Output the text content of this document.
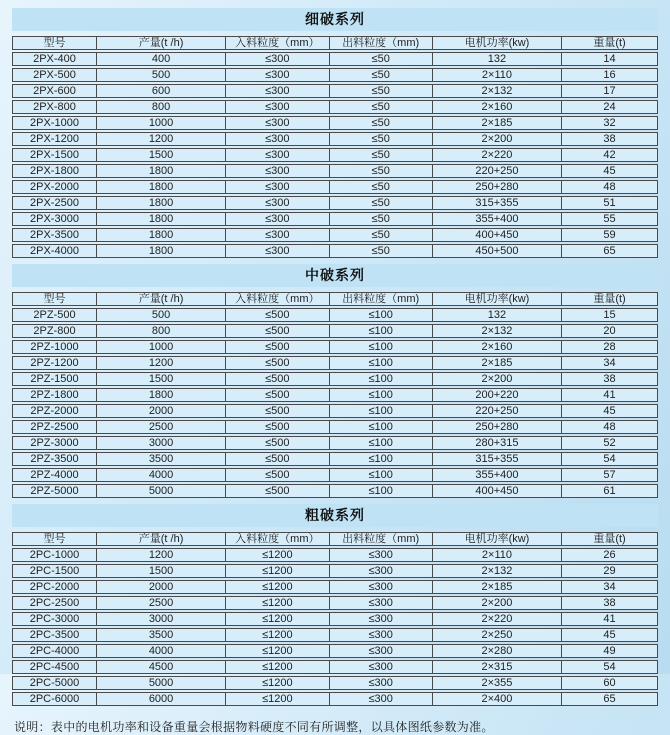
细破系列
型号	产量(t /h)	入料粒度（mm）	出料粒度（mm)	电机功率(kw)	重量(t)
2PX-400	400	≤300	≤50	132	14
2PX-500	500	≤300	≤50	2×110	16
2PX-600	600	≤300	≤50	2×132	17
2PX-800	800	≤300	≤50	2×160	24
2PX-1000	1000	≤300	≤50	2×185	32
2PX-1200	1200	≤300	≤50	2×200	38
2PX-1500	1500	≤300	≤50	2×220	42
2PX-1800	1800	≤300	≤50	220+250	45
2PX-2000	1800	≤300	≤50	250+280	48
2PX-2500	1800	≤300	≤50	315+355	51
2PX-3000	1800	≤300	≤50	355+400	55
2PX-3500	1800	≤300	≤50	400+450	59
2PX-4000	1800	≤300	≤50	450+500	65
中破系列
型号	产量(t /h)	入料粒度（mm）	出料粒度（mm)	电机功率(kw)	重量(t)
2PZ-500	500	≤500	≤100	132	15
2PZ-800	800	≤500	≤100	2×132	20
2PZ-1000	1000	≤500	≤100	2×160	28
2PZ-1200	1200	≤500	≤100	2×185	34
2PZ-1500	1500	≤500	≤100	2×200	38
2PZ-1800	1800	≤500	≤100	200+220	41
2PZ-2000	2000	≤500	≤100	220+250	45
2PZ-2500	2500	≤500	≤100	250+280	48
2PZ-3000	3000	≤500	≤100	280+315	52
2PZ-3500	3500	≤500	≤100	315+355	54
2PZ-4000	4000	≤500	≤100	355+400	57
2PZ-5000	5000	≤500	≤100	400+450	61
粗破系列
型号	产量(t /h)	入料粒度（mm）	出料粒度（mm)	电机功率(kw)	重量(t)
2PC-1000	1200	≤1200	≤300	2×110	26
2PC-1500	1500	≤1200	≤300	2×132	29
2PC-2000	2000	≤1200	≤300	2×185	34
2PC-2500	2500	≤1200	≤300	2×200	38
2PC-3000	3000	≤1200	≤300	2×220	41
2PC-3500	3500	≤1200	≤300	2×250	45
2PC-4000	4000	≤1200	≤300	2×280	49
2PC-4500	4500	≤1200	≤300	2×315	54
2PC-5000	5000	≤1200	≤300	2×355	60
2PC-6000	6000	≤1200	≤300	2×400	65
说明：表中的电机功率和设备重量会根据物料硬度不同有所调整，以具体图纸参数为准。
